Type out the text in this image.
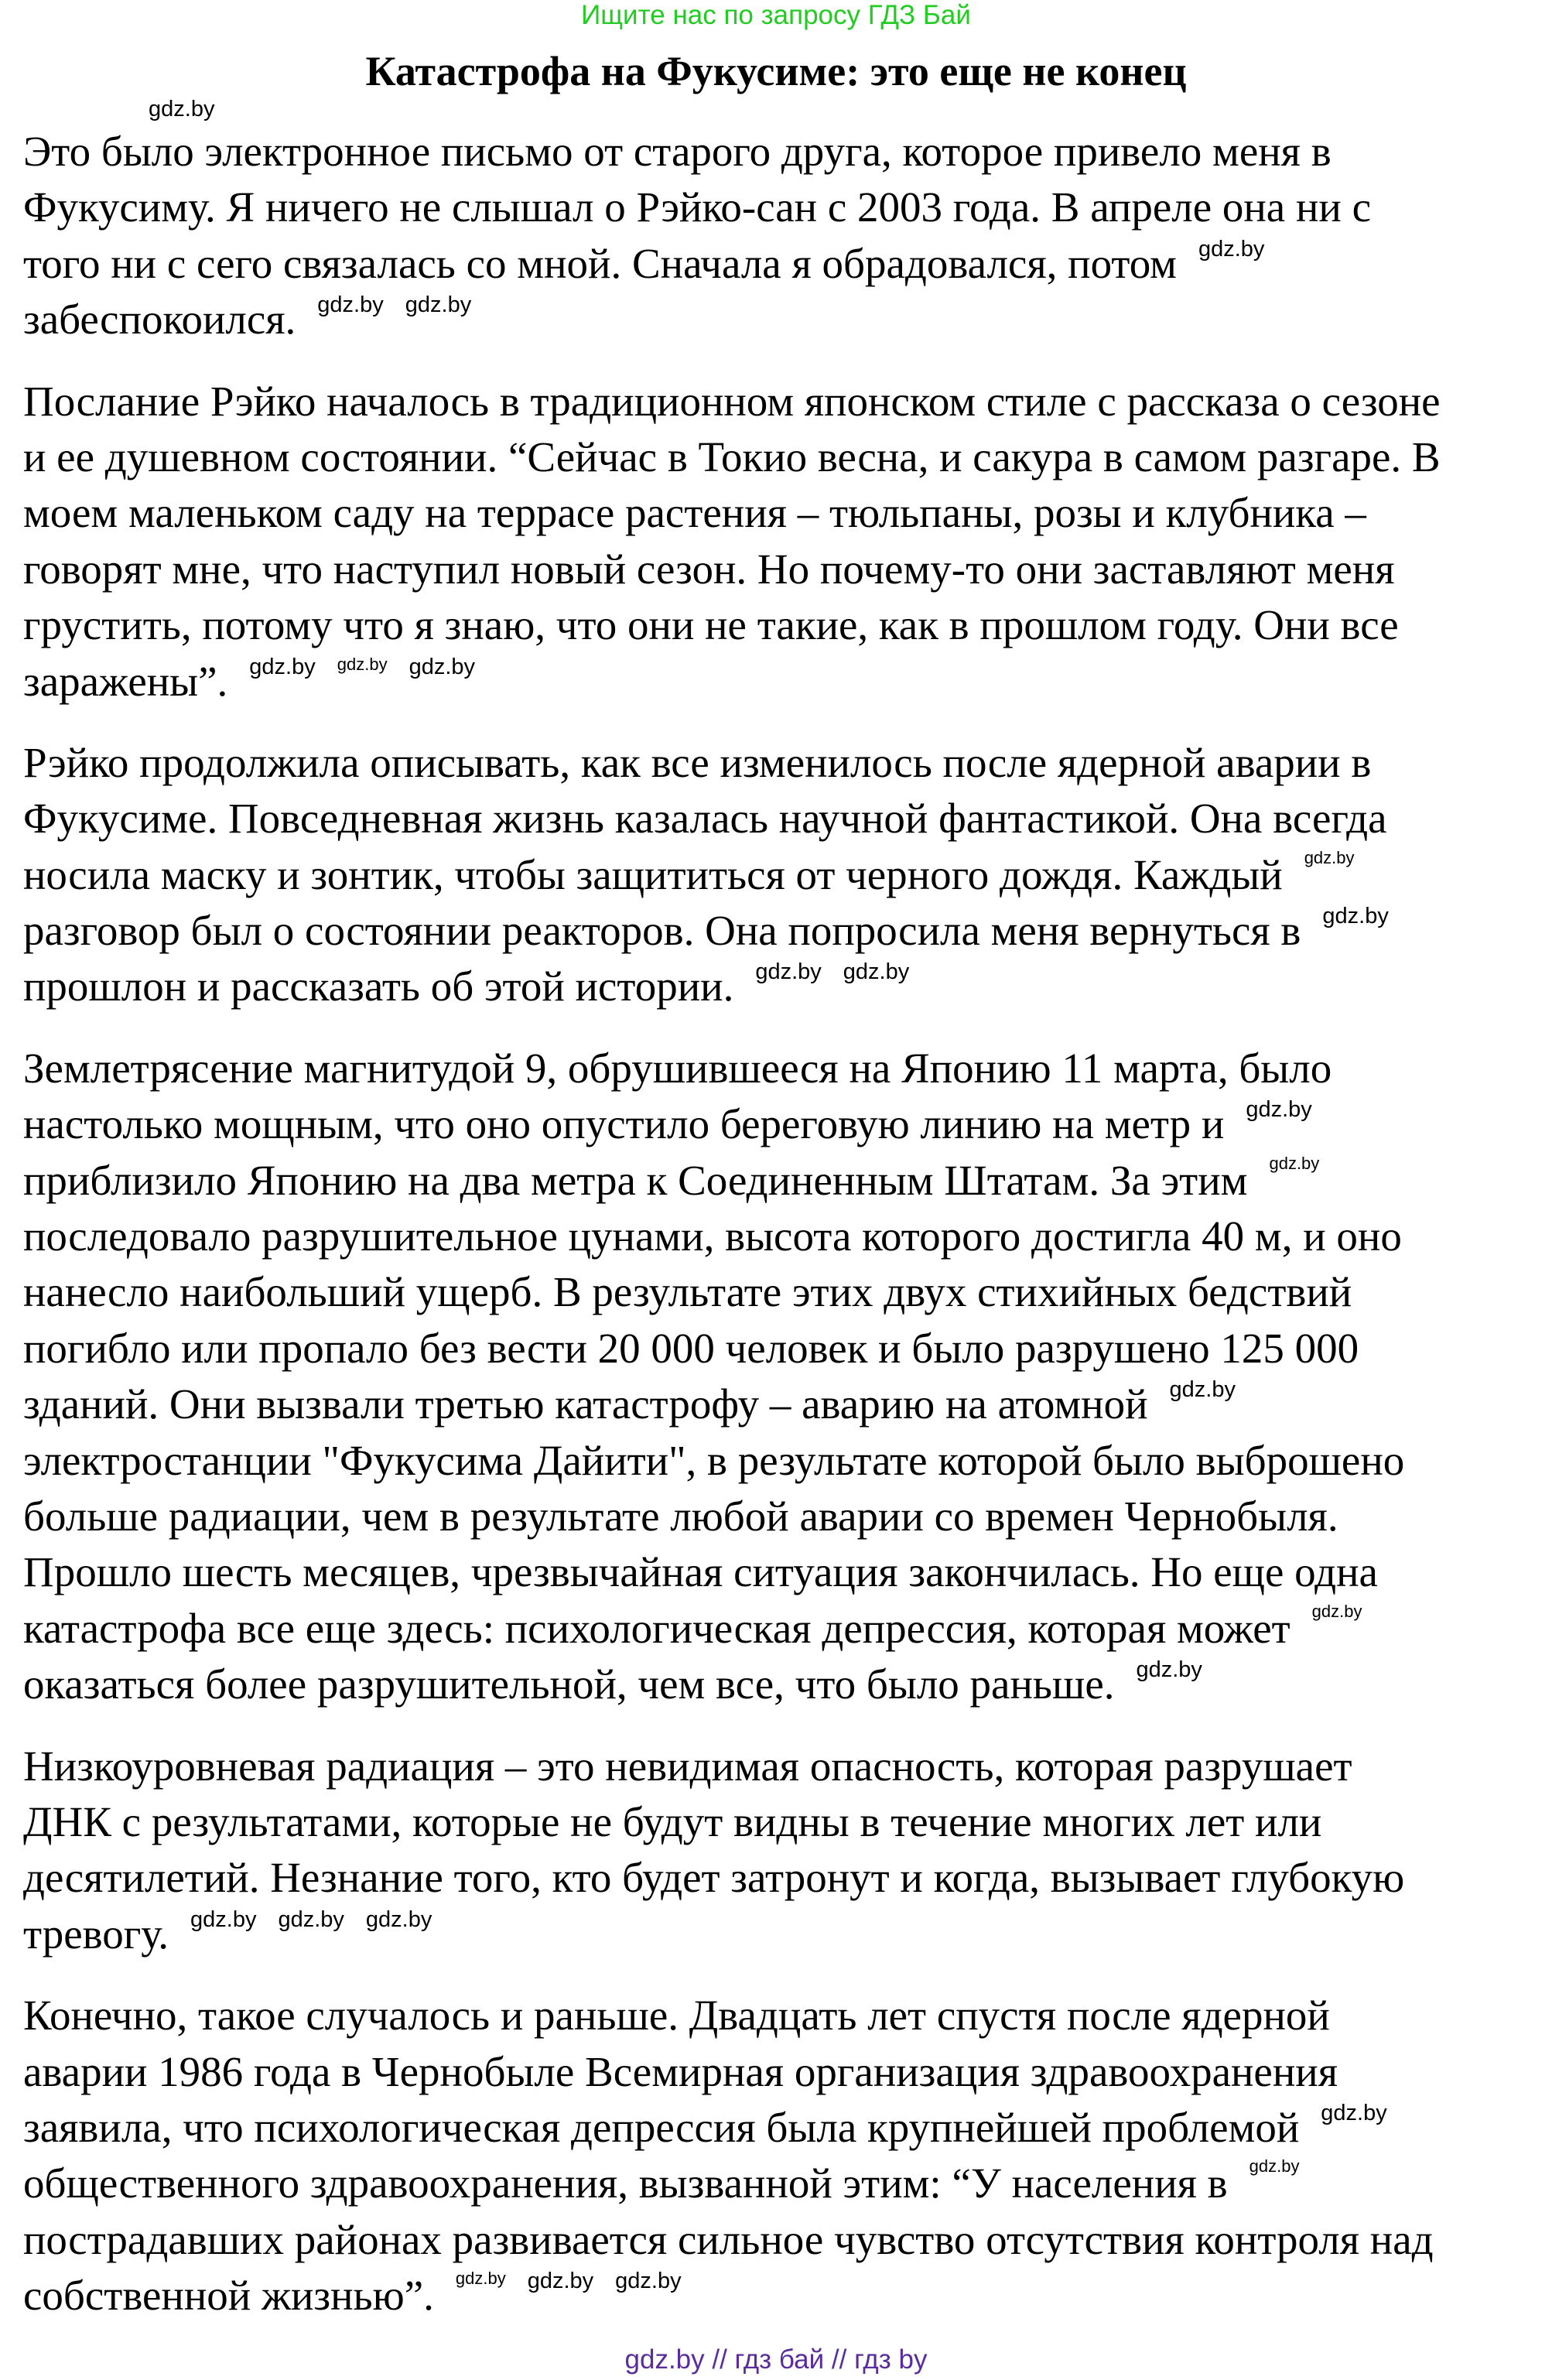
Ищите нас по запросу ГДЗ Бай
Катастрофа на Фукусиме: это еще не конец
gdz.by
Это было электронное письмо от старого друга, которое привело меня в
Фукусиму. Я ничего не слышал о Рэйко-сан с 2003 года. В апреле она ни с
того ни с сего связалась со мной. Сначала я обрадовался, потом gdz.by
забеспокоился. gdz.by gdz.by
Послание Рэйко началось в традиционном японском стиле с рассказа о сезоне
и ее душевном состоянии. “Сейчас в Токио весна, и сакура в самом разгаре. В
моем маленьком саду на террасе растения – тюльпаны, розы и клубника –
говорят мне, что наступил новый сезон. Но почему-то они заставляют меня
грустить, потому что я знаю, что они не такие, как в прошлом году. Они все
заражены”. gdz.by gdz.by gdz.by
Рэйко продолжила описывать, как все изменилось после ядерной аварии в
Фукусиме. Повседневная жизнь казалась научной фантастикой. Она всегда
носила маску и зонтик, чтобы защититься от черного дождя. Каждый gdz.by
разговор был о состоянии реакторов. Она попросила меня вернуться в gdz.by
прошлон и рассказать об этой истории. gdz.by gdz.by
Землетрясение магнитудой 9, обрушившееся на Японию 11 марта, было
настолько мощным, что оно опустило береговую линию на метр и gdz.by
приблизило Японию на два метра к Соединенным Штатам. За этим gdz.by
последовало разрушительное цунами, высота которого достигла 40 м, и оно
нанесло наибольший ущерб. В результате этих двух стихийных бедствий
погибло или пропало без вести 20 000 человек и было разрушено 125 000
зданий. Они вызвали третью катастрофу – аварию на атомной gdz.by
электростанции "Фукусима Дайити", в результате которой было выброшено
больше радиации, чем в результате любой аварии со времен Чернобыля.
Прошло шесть месяцев, чрезвычайная ситуация закончилась. Но еще одна
катастрофа все еще здесь: психологическая депрессия, которая может gdz.by
оказаться более разрушительной, чем все, что было раньше. gdz.by
Низкоуровневая радиация – это невидимая опасность, которая разрушает
ДНК с результатами, которые не будут видны в течение многих лет или
десятилетий. Незнание того, кто будет затронут и когда, вызывает глубокую
тревогу. gdz.by gdz.by gdz.by
Конечно, такое случалось и раньше. Двадцать лет спустя после ядерной
аварии 1986 года в Чернобыле Всемирная организация здравоохранения
заявила, что психологическая депрессия была крупнейшей проблемой gdz.by
общественного здравоохранения, вызванной этим: “У населения в gdz.by
пострадавших районах развивается сильное чувство отсутствия контроля над
собственной жизнью”. gdz.by gdz.by gdz.by
gdz.by // гдз бай // гдз by
